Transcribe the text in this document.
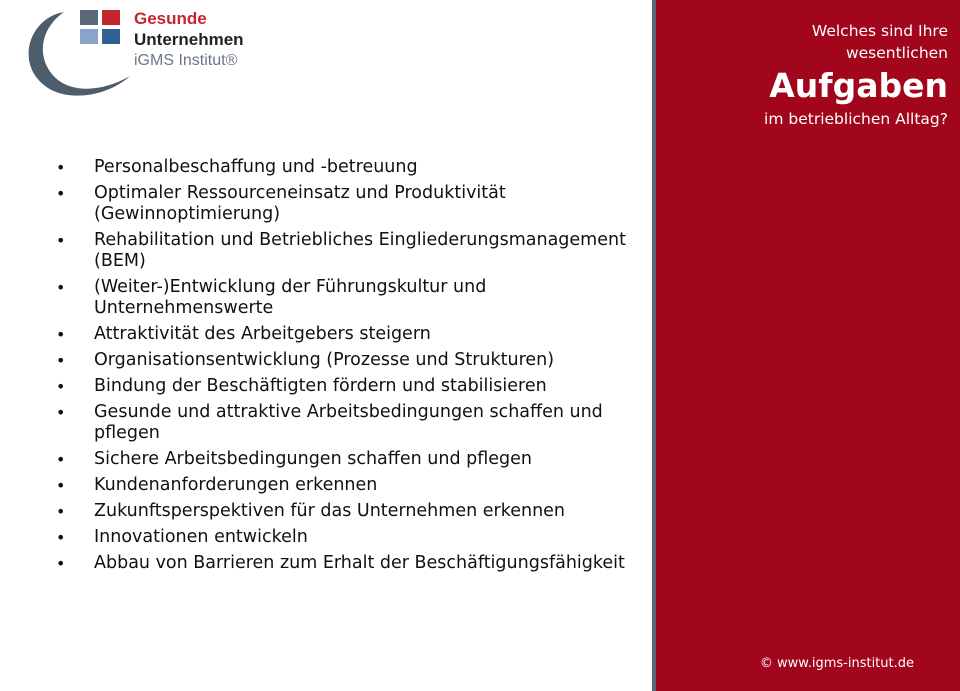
Gesunde
Unternehmen
iGMS Institut®
• Personalbeschaffung und -betreuung
• Optimaler Ressourceneinsatz und Produktivität (Gewinnoptimierung)
• Rehabilitation und Betriebliches Eingliederungsmanagement (BEM)
• (Weiter-)Entwicklung der Führungskultur und Unternehmenswerte
• Attraktivität des Arbeitgebers steigern
• Organisationsentwicklung (Prozesse und Strukturen)
• Bindung der Beschäftigten fördern und stabilisieren
• Gesunde und attraktive Arbeitsbedingungen schaffen und pflegen
• Sichere Arbeitsbedingungen schaffen und pflegen
• Kundenanforderungen erkennen
• Zukunftsperspektiven für das Unternehmen erkennen
• Innovationen entwickeln
• Abbau von Barrieren zum Erhalt der Beschäftigungsfähigkeit
Welches sind Ihre
wesentlichen
Aufgaben
im betrieblichen Alltag?
© www.igms-institut.de
